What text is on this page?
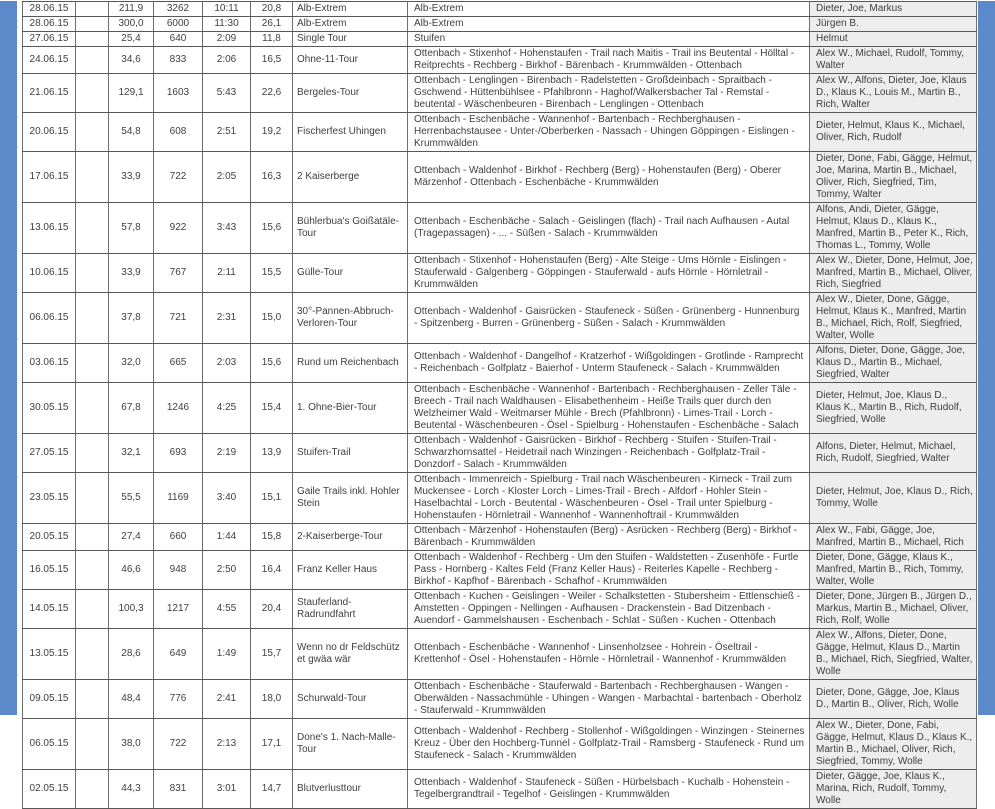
28.06.15		211,9	3262	10:11	20,8	Alb-Extrem	Alb-Extrem	Dieter, Joe, Markus
28.06.15		300,0	6000	11:30	26,1	Alb-Extrem	Alb-Extrem	Jürgen B.
27.06.15		25,4	640	2:09	11,8	Single Tour	Stuifen	Helmut
24.06.15		34,6	833	2:06	16,5	Ohne-11-Tour	Ottenbach - Stixenhof - Hohenstaufen - Trail nach Maitis - Trail ins Beutental - Hölltal - Reitprechts - Rechberg - Birkhof - Bärenbach - Krummwälden - Ottenbach	Alex W., Michael, Rudolf, Tommy, Walter
21.06.15		129,1	1603	5:43	22,6	Bergeles-Tour	Ottenbach - Lenglingen - Birenbach - Radelstetten - Großdeinbach - Spraitbach - Gschwend - Hüttenbühlsee - Pfahlbronn - Haghof/Walkersbacher Tal - Remstal - beutental - Wäschenbeuren - Birenbach - Lenglingen - Ottenbach	Alex W., Alfons, Dieter, Joe, Klaus D., Klaus K., Louis M., Martin B., Rich, Walter
20.06.15		54,8	608	2:51	19,2	Fischerfest Uhingen	Ottenbach - Eschenbäche - Wannenhof - Bartenbach - Rechberghausen - Herrenbachstausee - Unter-/Oberberken - Nassach - Uhingen Göppingen - Eislingen - Krummwälden	Dieter, Helmut, Klaus K., Michael, Oliver, Rich, Rudolf
17.06.15		33,9	722	2:05	16,3	2 Kaiserberge	Ottenbach - Waldenhof - Birkhof - Rechberg (Berg) - Hohenstaufen (Berg) - Oberer Märzenhof - Ottenbach - Eschenbäche - Krummwälden	Dieter, Done, Fabi, Gägge, Helmut, Joe, Marina, Martin B., Michael, Oliver, Rich, Siegfried, Tim, Tommy, Walter
13.06.15		57,8	922	3:43	15,6	Bühlerbua's Goißatäle-Tour	Ottenbach - Eschenbäche - Salach - Geislingen (flach) - Trail nach Aufhausen - Autal (Tragepassagen) - ... - Süßen - Salach - Krummwälden	Alfons, Andi, Dieter, Gägge, Helmut, Klaus D., Klaus K., Manfred, Martin B., Peter K., Rich, Thomas L., Tommy, Wolle
10.06.15		33,9	767	2:11	15,5	Gülle-Tour	Ottenbach - Stixenhof - Hohenstaufen (Berg) - Alte Steige - Ums Hörnle - Eislingen - Stauferwald - Galgenberg - Göppingen - Stauferwald - aufs Hörnle - Hörnletrail - Krummwälden	Alex W., Dieter, Done, Helmut, Joe, Manfred, Martin B., Michael, Oliver, Rich, Siegfried
06.06.15		37,8	721	2:31	15,0	30°-Pannen-Abbruch-Verloren-Tour	Ottenbach - Waldenhof - Gaisrücken - Staufeneck - Süßen - Grünenberg - Hunnenburg - Spitzenberg - Burren - Grünenberg - Süßen - Salach - Krummwälden	Alex W., Dieter, Done, Gägge, Helmut, Klaus K., Manfred, Martin B., Michael, Rich, Rolf, Siegfried, Walter, Wolle
03.06.15		32,0	665	2:03	15,6	Rund um Reichenbach	Ottenbach - Waldenhof - Dangelhof - Kratzerhof - Wißgoldingen - Grotlinde - Ramprecht - Reichenbach - Golfplatz - Baierhof - Unterm Staufeneck - Salach - Krummwälden	Alfons, Dieter, Done, Gägge, Joe, Klaus D., Martin B., Michael, Siegfried, Walter
30.05.15		67,8	1246	4:25	15,4	1. Ohne-Bier-Tour	Ottenbach - Eschenbäche - Wannenhof - Bartenbach - Rechberghausen - Zeller Täle - Breech - Trail nach Waldhausen - Elisabethenheim - Heiße Trails quer durch den Welzheimer Wald - Weitmarser Mühle - Brech (Pfahlbronn) - Limes-Trail - Lorch - Beutental - Wäschenbeuren - Ösel - Spielburg - Hohenstaufen - Eschenbäche - Salach	Dieter, Helmut, Joe, Klaus D., Klaus K., Martin B., Rich, Rudolf, Siegfried, Wolle
27.05.15		32,1	693	2:19	13,9	Stuifen-Trail	Ottenbach - Waldenhof - Gaisrücken - Birkhof - Rechberg - Stuifen - Stuifen-Trail - Schwarzhornsattel - Heidetrail nach Winzingen - Reichenbach - Golfplatz-Trail - Donzdorf - Salach - Krummwälden	Alfons, Dieter, Helmut, Michael, Rich, Rudolf, Siegfried, Walter
23.05.15		55,5	1169	3:40	15,1	Gaile Trails inkl. Hohler Stein	Ottenbach - Immenreich - Spielburg - Trail nach Wäschenbeuren - Kirneck - Trail zum Muckensee - Lorch - Kloster Lorch - Limes-Trail - Brech - Alfdorf - Hohler Stein - Haselbachtal - Lorch - Beutental - Wäschenbeuren - Ösel - Trail unter Spielburg - Hohenstaufen - Hörnletrail - Wannenhof - Wannenhoftrail - Krummwälden	Dieter, Helmut, Joe, Klaus D., Rich, Tommy, Wolle
20.05.15		27,4	660	1:44	15,8	2-Kaiserberge-Tour	Ottenbach - Märzenhof - Hohenstaufen (Berg) - Asrücken - Rechberg (Berg) - Birkhof - Bärenbach - Krummwälden	Alex W., Fabi, Gägge, Joe, Manfred, Martin B., Michael, Rich
16.05.15		46,6	948	2:50	16,4	Franz Keller Haus	Ottenbach - Waldenhof - Rechberg - Um den Stuifen - Waldstetten - Zusenhöfe - Furtle Pass - Hornberg - Kaltes Feld (Franz Keller Haus) - Reiterles Kapelle - Rechberg - Birkhof - Kapfhof - Bärenbach - Schafhof - Krummwälden	Dieter, Done, Gägge, Klaus K., Manfred, Martin B., Rich, Tommy, Walter, Wolle
14.05.15		100,3	1217	4:55	20,4	Stauferland-Radrundfahrt	Ottenbach - Kuchen - Geislingen - Weiler - Schalkstetten - Stubersheim - Ettlenschieß - Amstetten - Oppingen - Nellingen - Aufhausen - Drackenstein - Bad Ditzenbach - Auendorf - Gammelshausen - Eschenbach - Schlat - Süßen - Kuchen - Ottenbach	Dieter, Done, Jürgen B., Jürgen D., Markus, Martin B., Michael, Oliver, Rich, Rolf, Wolle
13.05.15		28,6	649	1:49	15,7	Wenn no dr Feldschütz et gwäa wär	Ottenbach - Eschenbäche - Wannenhof - Linsenholzsee - Hohrein - Öseltrail - Krettenhof - Ösel - Hohenstaufen - Hörnle - Hörnletrail - Wannenhof - Krummwälden	Alex W., Alfons, Dieter, Done, Gägge, Helmut, Klaus D., Martin B., Michael, Rich, Siegfried, Walter, Wolle
09.05.15		48,4	776	2:41	18,0	Schurwald-Tour	Ottenbach - Eschenbäche - Stauferwald - Bartenbach - Rechberghausen - Wangen - Oberwälden - Nassachmühle - Uhingen - Wangen - Marbachtal - bartenbach - Oberholz - Stauferwald - Krummwälden	Dieter, Done, Gägge, Joe, Klaus D., Martin B., Oliver, Rich, Wolle
06.05.15		38,0	722	2:13	17,1	Done's 1. Nach-Malle-Tour	Ottenbach - Waldenhof - Rechberg - Stollenhof - Wißgoldingen - Winzingen - Steinernes Kreuz - Über den Hochberg-Tunnel - Golfplatz-Trail - Ramsberg - Staufeneck - Rund um Staufeneck - Salach - Krummwälden	Alex W., Dieter, Done, Fabi, Gägge, Helmut, Klaus D., Klaus K., Martin B., Michael, Oliver, Rich, Siegfried, Tommy, Wolle
02.05.15		44,3	831	3:01	14,7	Blutverlusttour	Ottenbach - Waldenhof - Staufeneck - Süßen - Hürbelsbach - Kuchalb - Hohenstein - Tegelbergrandtrail - Tegelhof - Geislingen - Krummwälden	Dieter, Gägge, Joe, Klaus K., Marina, Rich, Rudolf, Tommy, Wolle
